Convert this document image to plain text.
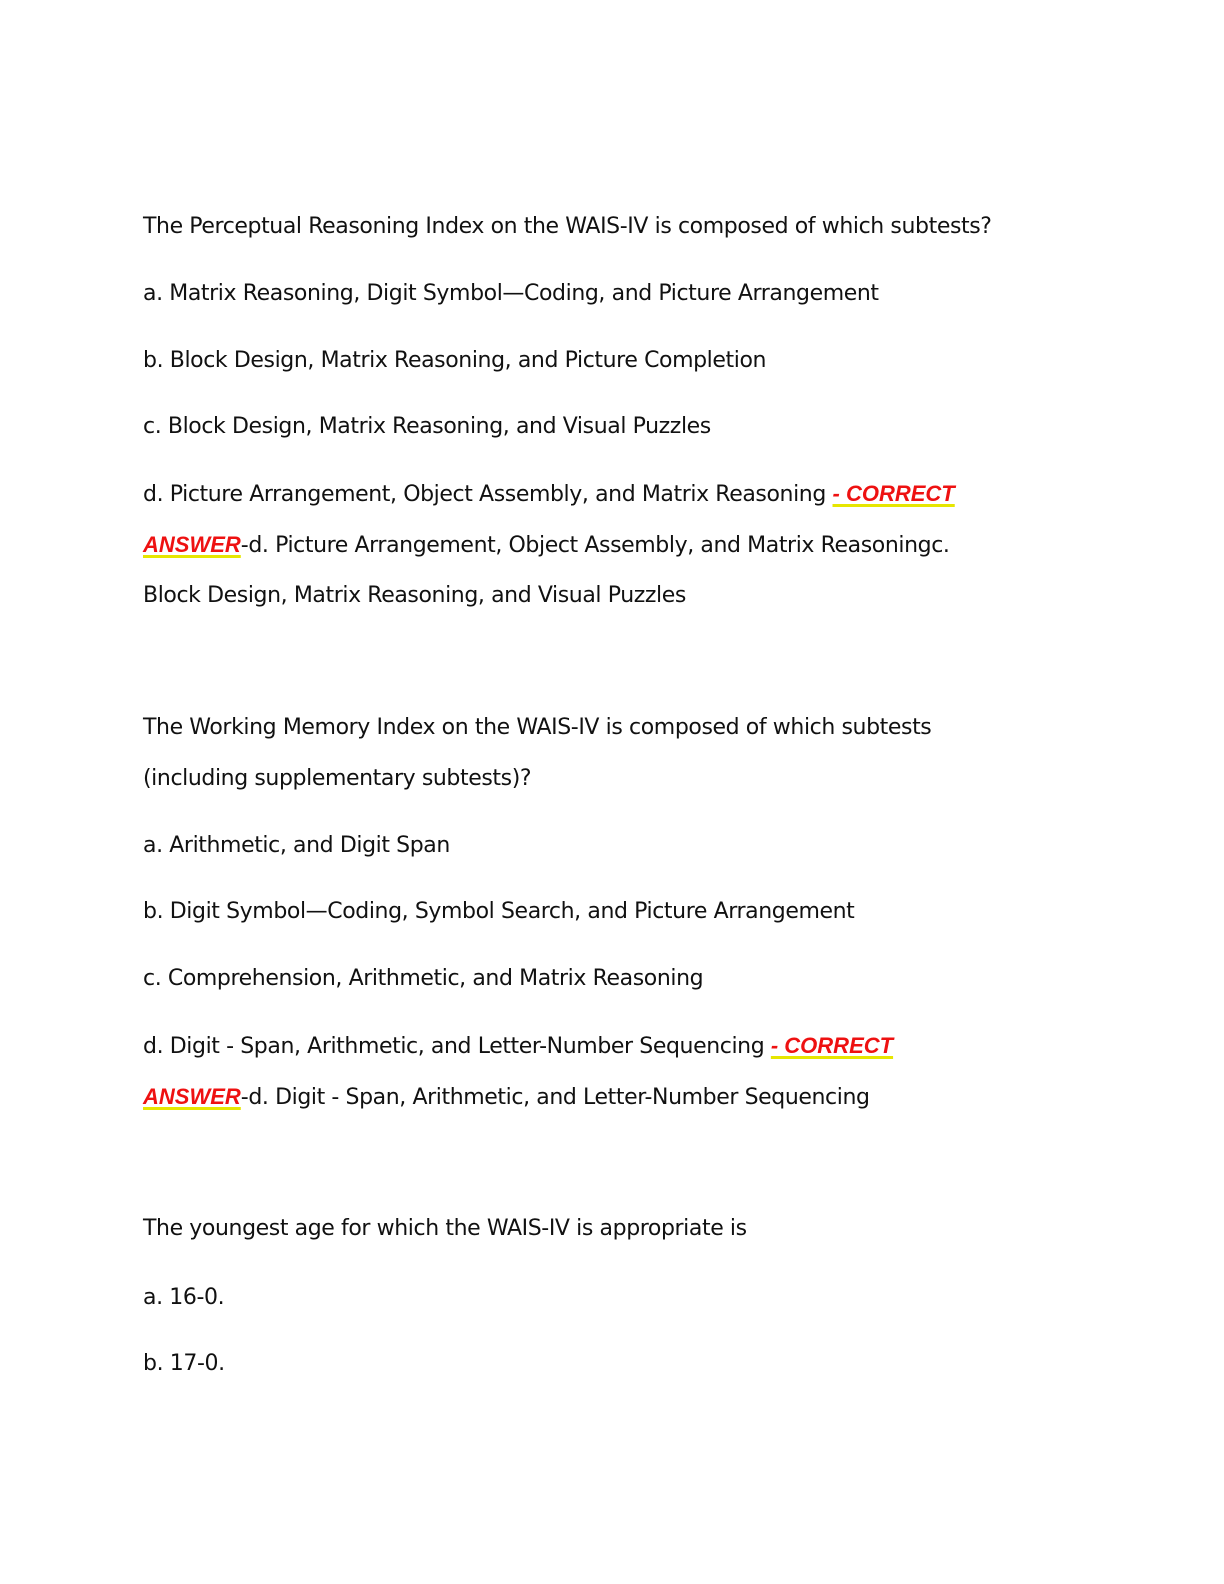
The Perceptual Reasoning Index on the WAIS-IV is composed of which subtests?
a. Matrix Reasoning, Digit Symbol—Coding, and Picture Arrangement
b. Block Design, Matrix Reasoning, and Picture Completion
c. Block Design, Matrix Reasoning, and Visual Puzzles
d. Picture Arrangement, Object Assembly, and Matrix Reasoning - CORRECT
ANSWER-d. Picture Arrangement, Object Assembly, and Matrix Reasoningc.
Block Design, Matrix Reasoning, and Visual Puzzles
The Working Memory Index on the WAIS-IV is composed of which subtests
(including supplementary subtests)?
a. Arithmetic, and Digit Span
b. Digit Symbol—Coding, Symbol Search, and Picture Arrangement
c. Comprehension, Arithmetic, and Matrix Reasoning
d. Digit - Span, Arithmetic, and Letter-Number Sequencing - CORRECT
ANSWER-d. Digit - Span, Arithmetic, and Letter-Number Sequencing
The youngest age for which the WAIS-IV is appropriate is
a. 16-0.
b. 17-0.
